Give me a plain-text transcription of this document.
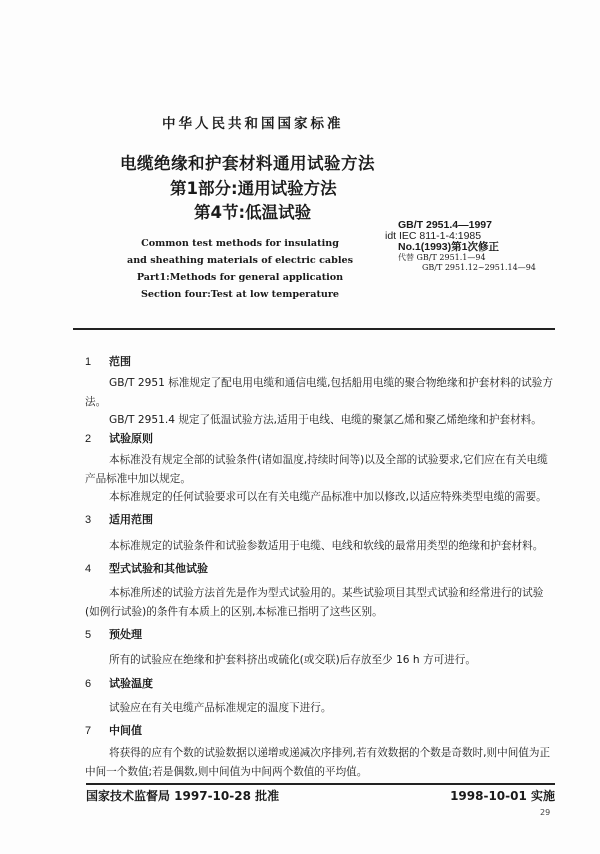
中华人民共和国国家标准
电缆绝缘和护套材料通用试验方法
第1部分:通用试验方法
第4节:低温试验
GB/T 2951.4—1997
idt IEC 811-1-4:1985
No.1(1993)第1次修正
代替 GB/T 2951.1—94
GB/T 2951.12~2951.14—94
Common test methods for insulating
and sheathing materials of electric cables
Part1:Methods for general application
Section four:Test at low temperature
1 范围
GB/T 2951 标准规定了配电用电缆和通信电缆,包括船用电缆的聚合物绝缘和护套材料的试验方法。
GB/T 2951.4 规定了低温试验方法,适用于电线、电缆的聚氯乙烯和聚乙烯绝缘和护套材料。
2 试验原则
本标准没有规定全部的试验条件(诸如温度,持续时间等)以及全部的试验要求,它们应在有关电缆产品标准中加以规定。
本标准规定的任何试验要求可以在有关电缆产品标准中加以修改,以适应特殊类型电缆的需要。
3 适用范围
本标准规定的试验条件和试验参数适用于电缆、电线和软线的最常用类型的绝缘和护套材料。
4 型式试验和其他试验
本标准所述的试验方法首先是作为型式试验用的。某些试验项目其型式试验和经常进行的试验(如例行试验)的条件有本质上的区别,本标准已指明了这些区别。
5 预处理
所有的试验应在绝缘和护套料挤出或硫化(或交联)后存放至少 16 h 方可进行。
6 试验温度
试验应在有关电缆产品标准规定的温度下进行。
7 中间值
将获得的应有个数的试验数据以递增或递减次序排列,若有效数据的个数是奇数时,则中间值为正中间一个数值;若是偶数,则中间值为中间两个数值的平均值。
国家技术监督局 1997-10-28 批准	1998-10-01 实施
29
